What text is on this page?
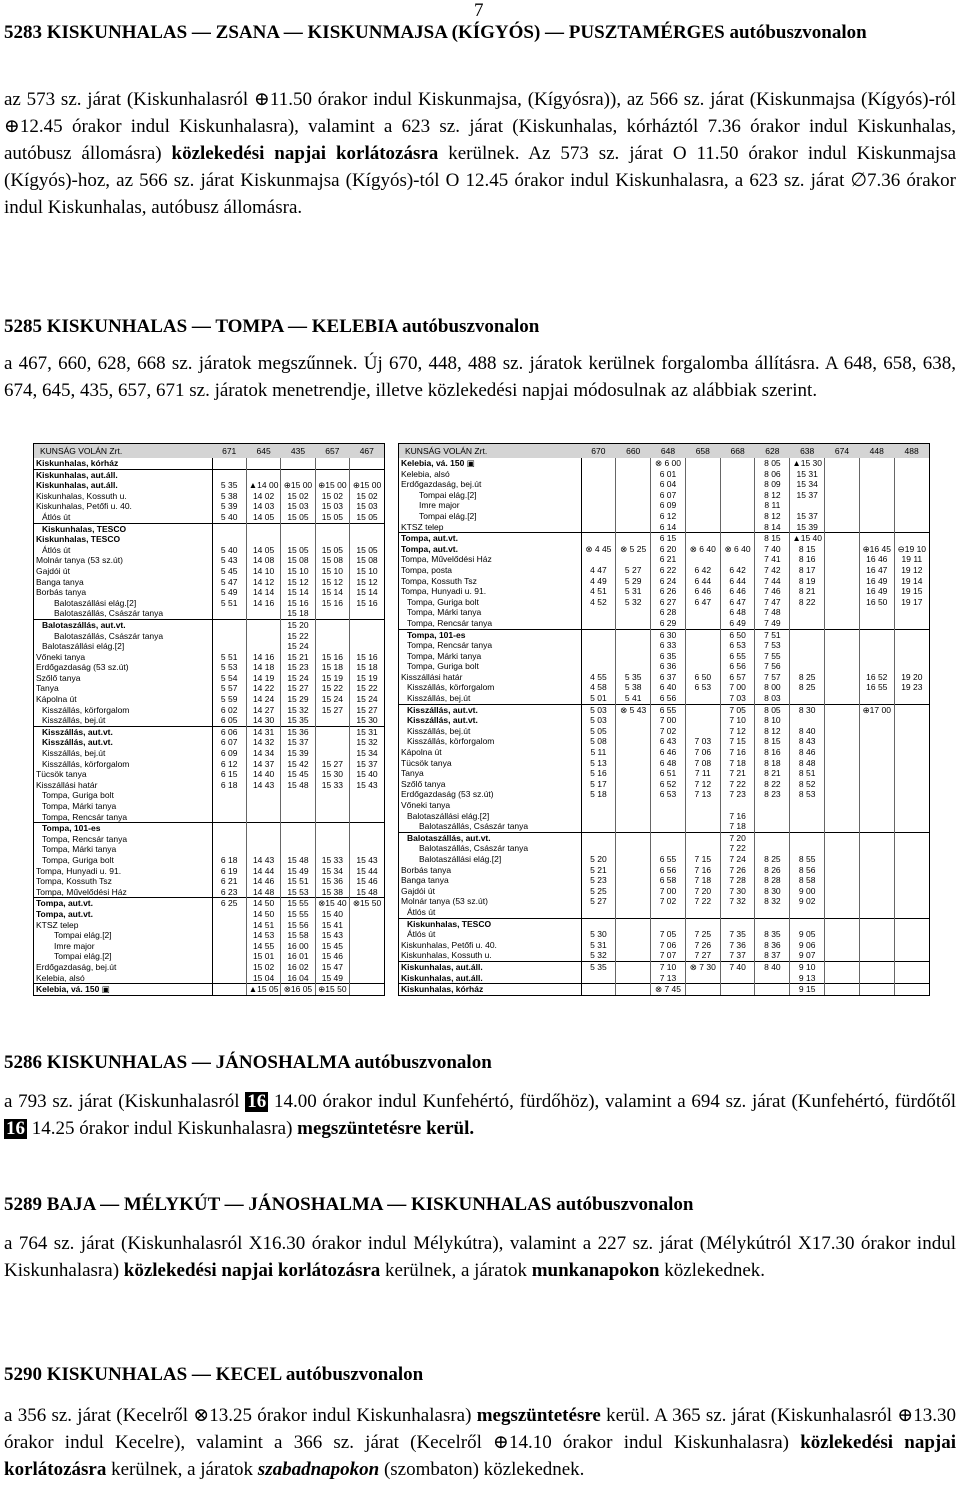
7
5283 KISKUNHALAS — ZSANA — KISKUNMAJSA (KÍGYÓS) — PUSZTAMÉRGES autóbuszvonalon
az 573 sz. járat (Kiskunhalasról ⊕11.50 órakor indul Kiskunmajsa, (Kígyósra)), az 566 sz. járat (Kiskunmajsa (Kígyós)-ról ⊕12.45 órakor indul Kiskunhalasra), valamint a 623 sz. járat (Kiskunhalas, kórháztól 7.36 órakor indul Kiskunhalas, autóbusz állomásra) közlekedési napjai korlátozásra kerülnek. Az 573 sz. járat O 11.50 órakor indul Kiskunmajsa (Kígyós)-hoz, az 566 sz. járat Kiskunmajsa (Kígyós)-tól O 12.45 órakor indul Kiskunhalasra, a 623 sz. járat ∅7.36 órakor indul Kiskunhalas, autóbusz állomásra.
5285 KISKUNHALAS — TOMPA — KELEBIA autóbuszvonalon
a 467, 660, 628, 668 sz. járatok megszűnnek. Új 670, 448, 488 sz. járatok kerülnek forgalomba állításra. A 648, 658, 638, 674, 645, 435, 657, 671 sz. járatok menetrendje, illetve közlekedési napjai módosulnak az alábbiak szerint.
KUNSÁG VOLÁN Zrt.		671	645	435	657	467
Kiskunhalas, kórház						
Kiskunhalas, aut.áll.						
Kiskunhalas, aut.áll.		5 35	▲14 00	⊕15 00	⊕15 00	⊕15 00
Kiskunhalas, Kossuth u.		5 38	14 02	15 02	15 02	15 02
Kiskunhalas, Petőfi u. 40.		5 39	14 03	15 03	15 03	15 03
Átlós út		5 40	14 05	15 05	15 05	15 05
Kiskunhalas, TESCO						
Kiskunhalas, TESCO						
Átlós út		5 40	14 05	15 05	15 05	15 05
Molnár tanya (53 sz.út)		5 43	14 08	15 08	15 08	15 08
Gajdói út		5 45	14 10	15 10	15 10	15 10
Banga tanya		5 47	14 12	15 12	15 12	15 12
Borbás tanya		5 49	14 14	15 14	15 14	15 14
Balotaszállási elág.[2]		5 51	14 16	15 16	15 16	15 16
Balotaszállás, Császár tanya				15 18		
Balotaszállás, aut.vt.				15 20		
Balotaszállás, Császár tanya				15 22		
Balotaszállási elág.[2]				15 24		
Vőneki tanya		5 51	14 16	15 21	15 16	15 16
Erdőgazdaság (53 sz.út)		5 53	14 18	15 23	15 18	15 18
Szőlő tanya		5 54	14 19	15 24	15 19	15 19
Tanya		5 57	14 22	15 27	15 22	15 22
Kápolna út		5 59	14 24	15 29	15 24	15 24
Kisszállás, körforgalom		6 02	14 27	15 32	15 27	15 27
Kisszállás, bej.út		6 05	14 30	15 35		15 30
Kisszállás, aut.vt.		6 06	14 31	15 36		15 31
Kisszállás, aut.vt.		6 07	14 32	15 37		15 32
Kisszállás, bej.út		6 09	14 34	15 39		15 34
Kisszállás, körforgalom		6 12	14 37	15 42	15 27	15 37
Tücsök tanya		6 15	14 40	15 45	15 30	15 40
Kisszállási határ		6 18	14 43	15 48	15 33	15 43
Tompa, Guriga bolt						
Tompa, Márki tanya						
Tompa, Rencsár tanya						
Tompa, 101-es						
Tompa, Rencsár tanya						
Tompa, Márki tanya						
Tompa, Guriga bolt		6 18	14 43	15 48	15 33	15 43
Tompa, Hunyadi u. 91.		6 19	14 44	15 49	15 34	15 44
Tompa, Kossuth Tsz		6 21	14 46	15 51	15 36	15 46
Tompa, Művelődési Ház		6 23	14 48	15 53	15 38	15 48
Tompa, aut.vt.		6 25	14 50	15 55	⊗15 40	⊗15 50
Tompa, aut.vt.			14 50	15 55	15 40	
KTSZ telep			14 51	15 56	15 41	
Tompai elág.[2]			14 53	15 58	15 43	
Imre major			14 55	16 00	15 45	
Tompai elág.[2]			15 01	16 01	15 46	
Erdőgazdaság, bej.út			15 02	16 02	15 47	
Kelebia, alsó			15 04	16 04	15 49	
Kelebia, vá. 150 ▣			▲15 05	⊗16 05	⊕15 50	
KUNSÁG VOLÁN Zrt.		670	660	648	658	668	628	638	674	448	488
Kelebia, vá. 150 ▣				⊗ 6 00			8 05	▲15 30			
Kelebia, alsó				6 01			8 06	15 31			
Erdőgazdaság, bej.út				6 04			8 09	15 34			
Tompai elág.[2]				6 07			8 12	15 37			
Imre major				6 09			8 11				
Tompai elág.[2]				6 12			8 12	15 37			
KTSZ telep				6 14			8 14	15 39			
Tompa, aut.vt.				6 15			8 15	▲15 40			
Tompa, aut.vt.		⊗ 4 45	⊗ 5 25	6 20	⊗ 6 40	⊗ 6 40	7 40	8 15		⊕16 45	⊖19 10
Tompa, Művelődési Ház				6 21			7 41	8 16		16 46	19 11
Tompa, posta		4 47	5 27	6 22	6 42	6 42	7 42	8 17		16 47	19 12
Tompa, Kossuth Tsz		4 49	5 29	6 24	6 44	6 44	7 44	8 19		16 49	19 14
Tompa, Hunyadi u. 91.		4 51	5 31	6 26	6 46	6 46	7 46	8 21		16 49	19 15
Tompa, Guriga bolt		4 52	5 32	6 27	6 47	6 47	7 47	8 22		16 50	19 17
Tompa, Márki tanya				6 28		6 48	7 48				
Tompa, Rencsár tanya				6 29		6 49	7 49				
Tompa, 101-es				6 30		6 50	7 51				
Tompa, Rencsár tanya				6 33		6 53	7 53				
Tompa, Márki tanya				6 35		6 55	7 55				
Tompa, Guriga bolt				6 36		6 56	7 56				
Kisszállási határ		4 55	5 35	6 37	6 50	6 57	7 57	8 25		16 52	19 20
Kisszállás, körforgalom		4 58	5 38	6 40	6 53	7 00	8 00	8 25		16 55	19 23
Kisszállás, bej.út		5 01	5 41	6 56		7 03	8 03				
Kisszállás, aut.vt.		5 03	⊗ 5 43	6 55		7 05	8 05	8 30		⊕17 00	
Kisszállás, aut.vt.		5 03		7 00		7 10	8 10				
Kisszállás, bej.út		5 05		7 02		7 12	8 12	8 40			
Kisszállás, körforgalom		5 08		6 43	7 03	7 15	8 15	8 43			
Kápolna út		5 11		6 46	7 06	7 16	8 16	8 46			
Tücsök tanya		5 13		6 48	7 08	7 18	8 18	8 48			
Tanya		5 16		6 51	7 11	7 21	8 21	8 51			
Szőlő tanya		5 17		6 52	7 12	7 22	8 22	8 52			
Erdőgazdaság (53 sz.út)		5 18		6 53	7 13	7 23	8 23	8 53			
Vőneki tanya											
Balotaszállási elág.[2]						7 16					
Balotaszállás, Császár tanya						7 18					
Balotaszállás, aut.vt.						7 20					
Balotaszállás, Császár tanya						7 22					
Balotaszállási elág.[2]		5 20		6 55	7 15	7 24	8 25	8 55			
Borbás tanya		5 21		6 56	7 16	7 26	8 26	8 56			
Banga tanya		5 23		6 58	7 18	7 28	8 28	8 58			
Gajdói út		5 25		7 00	7 20	7 30	8 30	9 00			
Molnár tanya (53 sz.út)		5 27		7 02	7 22	7 32	8 32	9 02			
Átlós út											
Kiskunhalas, TESCO											
Átlós út		5 30		7 05	7 25	7 35	8 35	9 05			
Kiskunhalas, Petőfi u. 40.		5 31		7 06	7 26	7 36	8 36	9 06			
Kiskunhalas, Kossuth u.		5 32		7 07	7 27	7 37	8 37	9 07			
Kiskunhalas, aut.áll.		5 35		7 10	⊗ 7 30	7 40	8 40	9 10			
Kiskunhalas, aut.áll.				7 13				9 13			
Kiskunhalas, kórház				⊗ 7 45				9 15			
5286 KISKUNHALAS — JÁNOSHALMA autóbuszvonalon
a 793 sz. járat (Kiskunhalasról 16 14.00 órakor indul Kunfehértó, fürdőhöz), valamint a 694 sz. járat (Kunfehértó, fürdőtől 16 14.25 órakor indul Kiskunhalasra) megszüntetésre kerül.
5289 BAJA — MÉLYKÚT — JÁNOSHALMA — KISKUNHALAS autóbuszvonalon
a 764 sz. járat (Kiskunhalasról X16.30 órakor indul Mélykútra), valamint a 227 sz. járat (Mélykútról X17.30 órakor indul Kiskunhalasra) közlekedési napjai korlátozásra kerülnek, a járatok munkanapokon közlekednek.
5290 KISKUNHALAS — KECEL autóbuszvonalon
a 356 sz. járat (Kecelről ⊗13.25 órakor indul Kiskunhalasra) megszüntetésre kerül. A 365 sz. járat (Kiskunhalasról ⊕13.30 órakor indul Kecelre), valamint a 366 sz. járat (Kecelről ⊕14.10 órakor indul Kiskunhalasra) közlekedési napjai korlátozásra kerülnek, a járatok szabadnapokon (szombaton) közlekednek.
